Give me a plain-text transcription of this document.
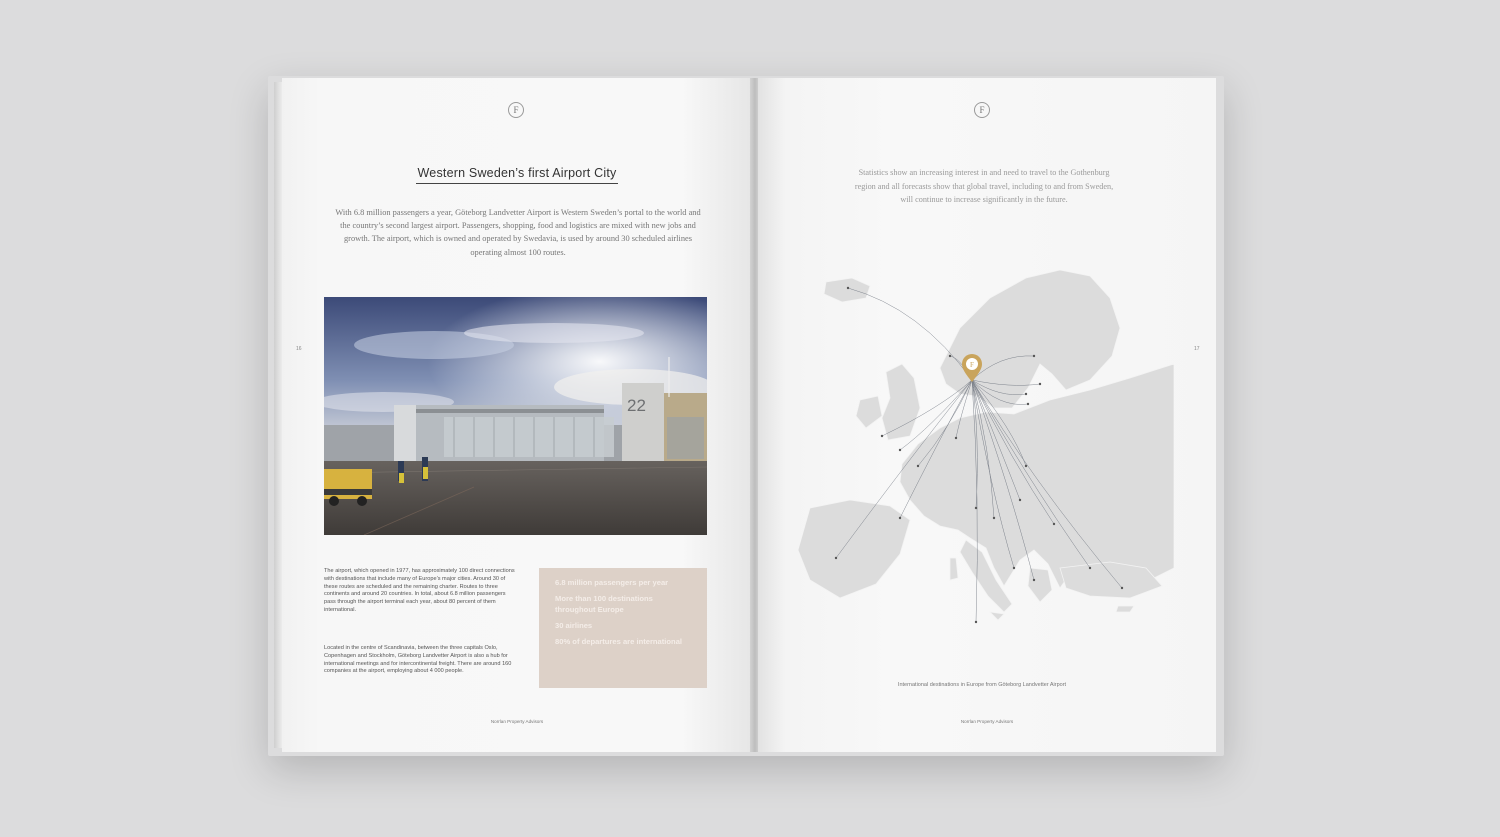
F
16
Western Sweden’s first Airport City
With 6.8 million passengers a year, Göteborg Landvetter Airport is Western Sweden’s portal to the world and the country’s second largest airport. Passengers, shopping, food and logistics are mixed with new jobs and growth. The airport, which is owned and operated by Swedavia, is used by around 30 scheduled airlines operating almost 100 routes.
22
The airport, which opened in 1977, has approximately 100 direct connections with destinations that include many of Europe’s major cities. Around 30 of these routes are scheduled and the remaining charter. Routes to three continents and around 20 countries. In total, about 6.8 million passengers pass through the airport terminal each year, about 80 percent of them international.
Located in the centre of Scandinavia, between the three capitals Oslo, Copenhagen and Stockholm, Göteborg Landvetter Airport is also a hub for international meetings and for intercontinental freight. There are around 160 companies at the airport, employing about 4 000 people.
6.8 million passengers per year
More than 100 destinations throughout Europe
30 airlines
80% of departures are international
Norrlan Property Advisors
F
17
Statistics show an increasing interest in and need to travel to the Gothenburg region and all forecasts show that global travel, including to and from Sweden, will continue to increase significantly in the future.
F
International destinations in Europe from Göteborg Landvetter Airport
Norrlan Property Advisors
